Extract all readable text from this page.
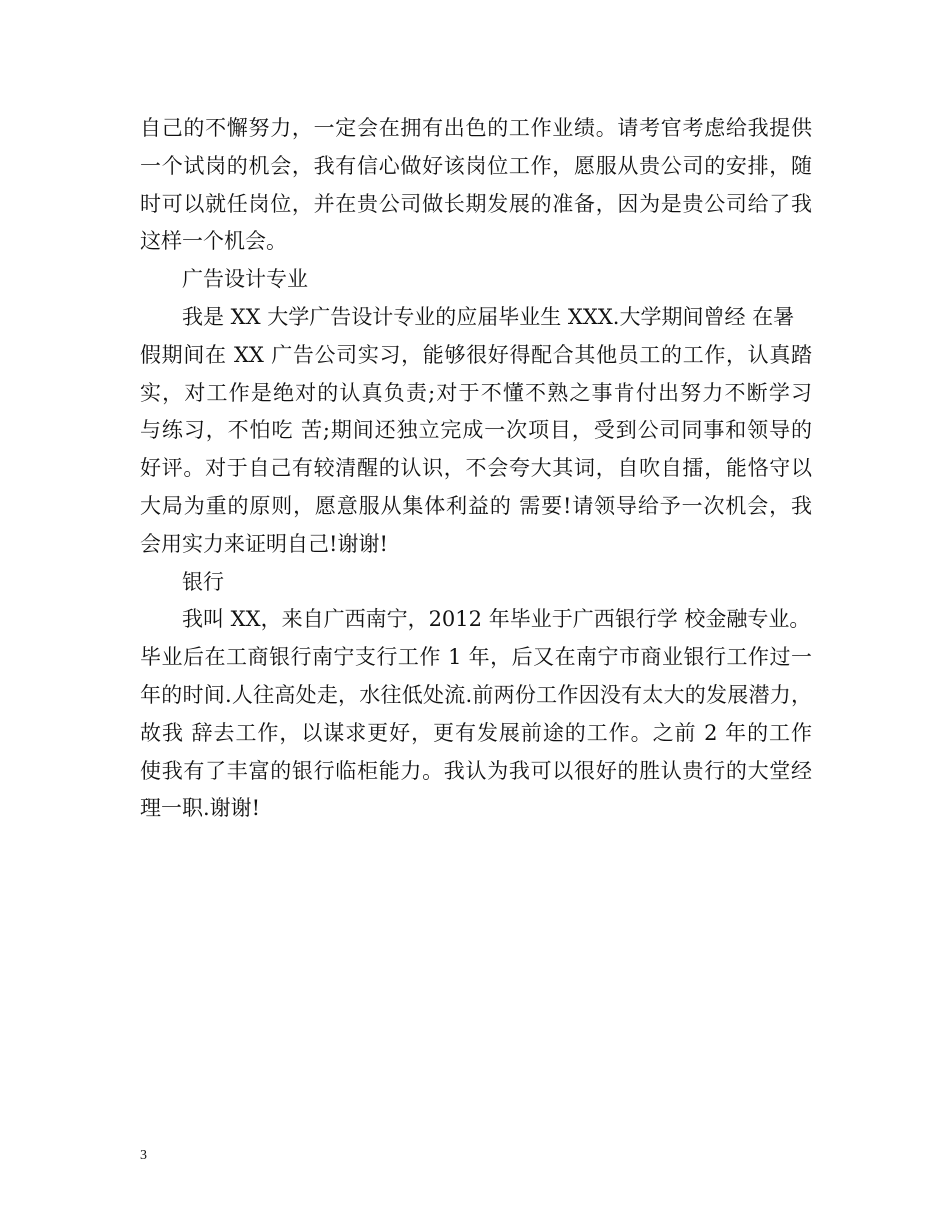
自己的不懈努力，一定会在拥有出色的工作业绩。请考官考虑给我提供
一个试岗的机会，我有信心做好该岗位工作，愿服从贵公司的安排，随
时可以就任岗位，并在贵公司做长期发展的准备，因为是贵公司给了我
这样一个机会。
广告设计专业
我是 XX 大学广告设计专业的应届毕业生 XXX.大学期间曾经 在暑
假期间在 XX 广告公司实习，能够很好得配合其他员工的工作，认真踏
实，对工作是绝对的认真负责;对于不懂不熟之事肯付出努力不断学习
与练习，不怕吃 苦;期间还独立完成一次项目，受到公司同事和领导的
好评。对于自己有较清醒的认识，不会夸大其词，自吹自擂，能恪守以
大局为重的原则，愿意服从集体利益的 需要!请领导给予一次机会，我
会用实力来证明自己!谢谢!
银行
我叫 XX，来自广西南宁，2012 年毕业于广西银行学 校金融专业。
毕业后在工商银行南宁支行工作 1 年，后又在南宁市商业银行工作过一
年的时间.人往高处走，水往低处流.前两份工作因没有太大的发展潜力，
故我 辞去工作，以谋求更好，更有发展前途的工作。之前 2 年的工作
使我有了丰富的银行临柜能力。我认为我可以很好的胜认贵行的大堂经
理一职.谢谢!
3
